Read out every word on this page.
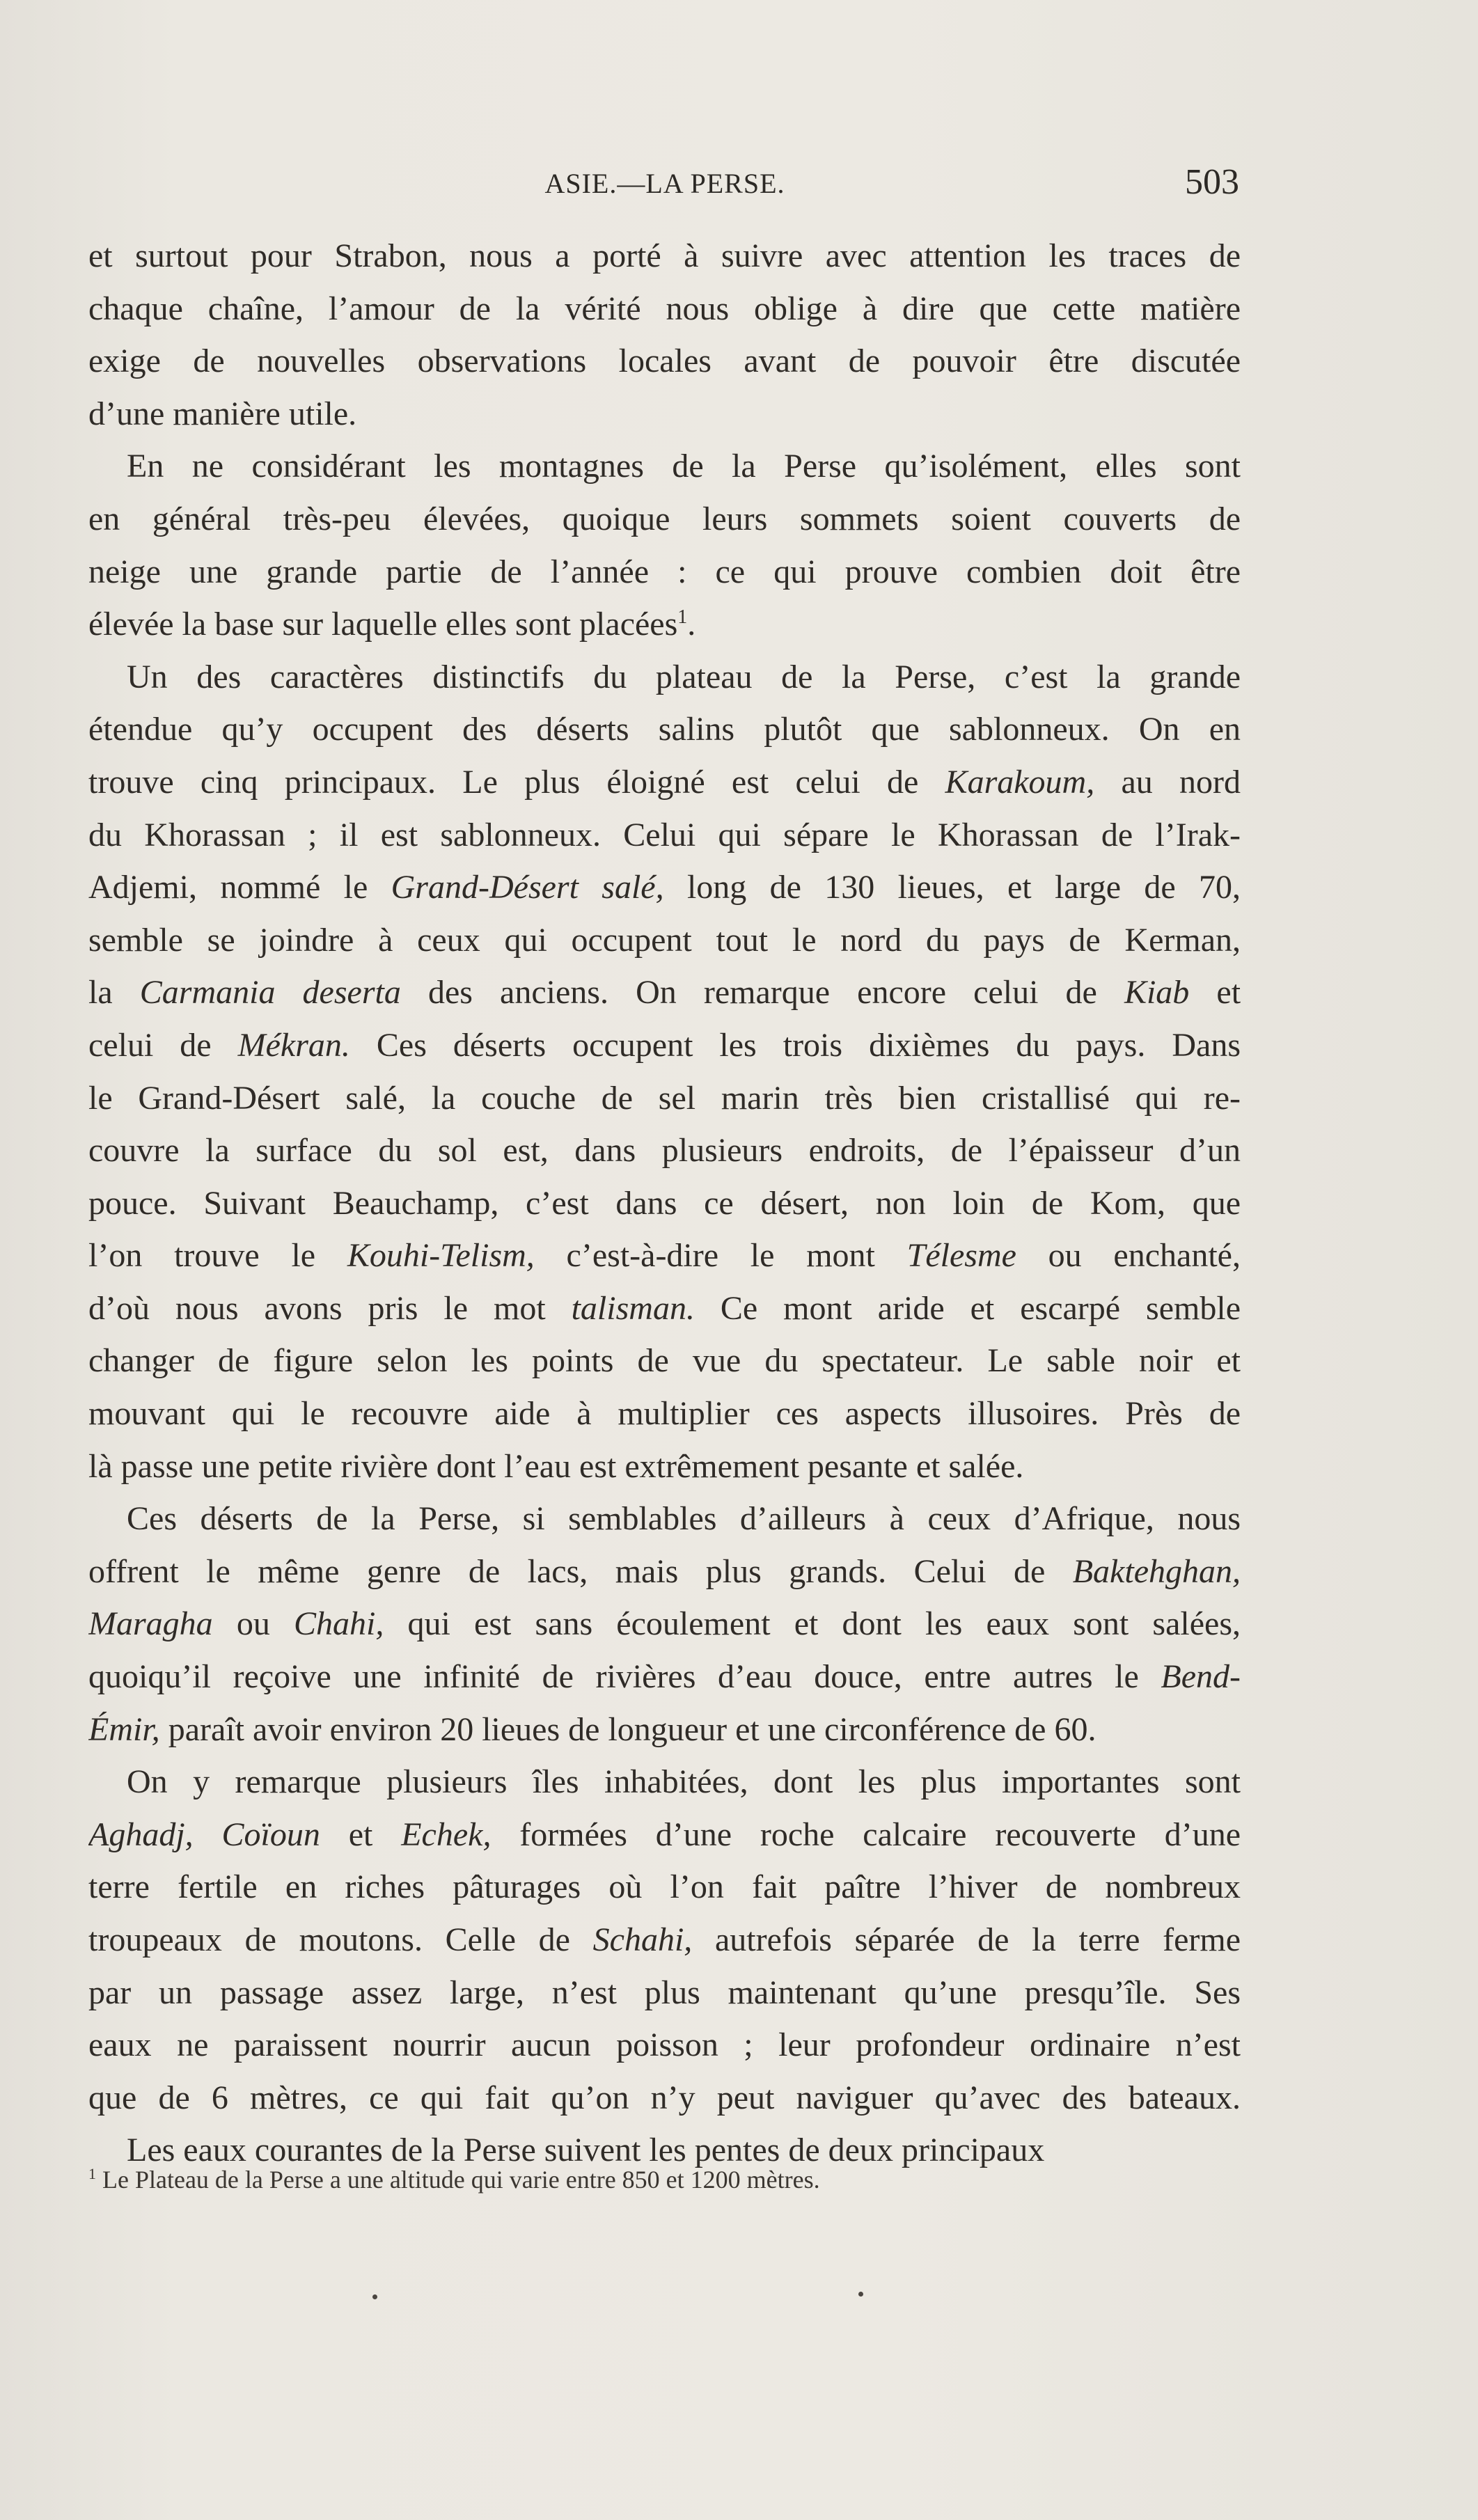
ASIE.—LA PERSE.	503
et surtout pour Strabon, nous a porté à suivre avec attention les traces de
chaque chaîne, l’amour de la vérité nous oblige à dire que cette matière
exige de nouvelles observations locales avant de pouvoir être discutée
d’une manière utile.
En ne considérant les montagnes de la Perse qu’isolément, elles sont
en général très-peu élevées, quoique leurs sommets soient couverts de
neige une grande partie de l’année : ce qui prouve combien doit être
élevée la base sur laquelle elles sont placées$^1$.
Un des caractères distinctifs du plateau de la Perse, c’est la grande
étendue qu’y occupent des déserts salins plutôt que sablonneux. On en
trouve cinq principaux. Le plus éloigné est celui de Karakoum, au nord
du Khorassan ; il est sablonneux. Celui qui sépare le Khorassan de l’Irak-
Adjemi, nommé le Grand-Désert salé, long de 130 lieues, et large de 70,
semble se joindre à ceux qui occupent tout le nord du pays de Kerman,
la Carmania deserta des anciens. On remarque encore celui de Kiab et
celui de Mékran. Ces déserts occupent les trois dixièmes du pays. Dans
le Grand-Désert salé, la couche de sel marin très bien cristallisé qui re-
couvre la surface du sol est, dans plusieurs endroits, de l’épaisseur d’un
pouce. Suivant Beauchamp, c’est dans ce désert, non loin de Kom, que
l’on trouve le Kouhi-Telism, c’est-à-dire le mont Télesme ou enchanté,
d’où nous avons pris le mot talisman. Ce mont aride et escarpé semble
changer de figure selon les points de vue du spectateur. Le sable noir et
mouvant qui le recouvre aide à multiplier ces aspects illusoires. Près de
là passe une petite rivière dont l’eau est extrêmement pesante et salée.
Ces déserts de la Perse, si semblables d’ailleurs à ceux d’Afrique, nous
offrent le même genre de lacs, mais plus grands. Celui de Baktehghan,
Maragha ou Chahi, qui est sans écoulement et dont les eaux sont salées,
quoiqu’il reçoive une infinité de rivières d’eau douce, entre autres le Bend-
Émir, paraît avoir environ 20 lieues de longueur et une circonférence de 60.
On y remarque plusieurs îles inhabitées, dont les plus importantes sont
Aghadj, Coïoun et Echek, formées d’une roche calcaire recouverte d’une
terre fertile en riches pâturages où l’on fait paître l’hiver de nombreux
troupeaux de moutons. Celle de Schahi, autrefois séparée de la terre ferme
par un passage assez large, n’est plus maintenant qu’une presqu’île. Ses
eaux ne paraissent nourrir aucun poisson ; leur profondeur ordinaire n’est
que de 6 mètres, ce qui fait qu’on n’y peut naviguer qu’avec des bateaux.
Les eaux courantes de la Perse suivent les pentes de deux principaux
$^1$ Le Plateau de la Perse a une altitude qui varie entre 850 et 1200 mètres.
